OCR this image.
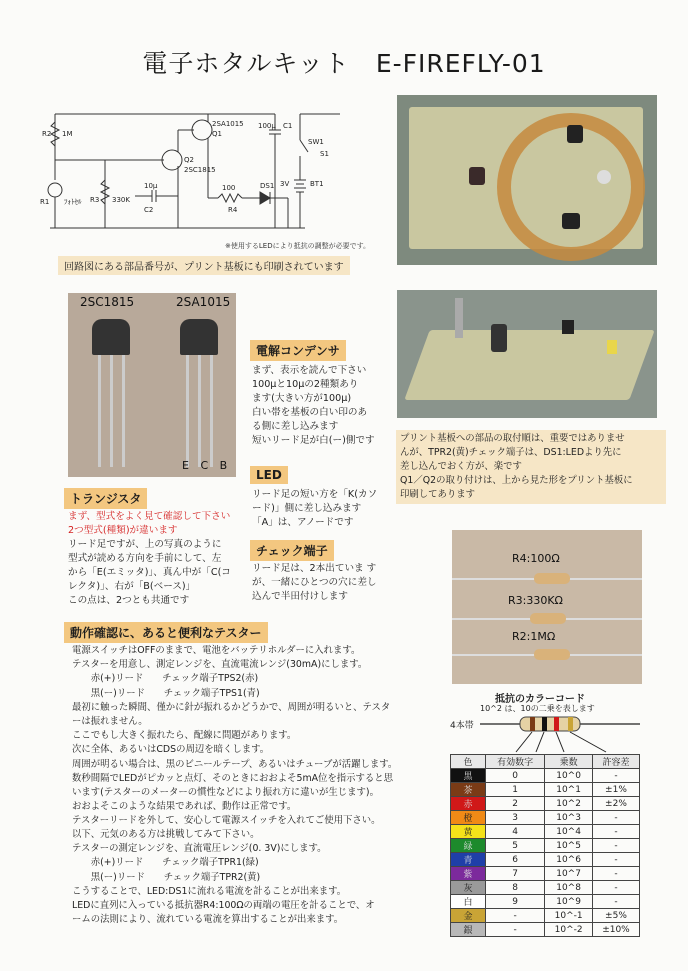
電子ホタルキット　E-FIREFLY-01
R2 1M
R1 ﾌｫﾄｾﾙ R3 330K
2SA1015
Q1
Q2
2SC1815
100μ C1
10μ
C2
100
R4
DS1
SW1
S1
BT1
3V
※使用するLEDにより抵抗の調整が必要です。
回路図にある部品番号が、プリント基板にも印刷されています
2SC1815	2SA1015
E C B
電解コンデンサ
まず、表示を読んで下さい
100μと10μの2種類あり
ます(大きい方が100μ)
白い帯を基板の白い印のあ
る側に差し込みます
短いリード足が白(ー)側です	プリント基板への部品の取付順は、重要ではありませ
んが、TPR2(黄)チェック端子は、DS1:LEDより先に
差し込んでおく方が、楽です
Q1／Q2の取り付けは、上から見た形をプリント基板に
印刷してあります
LED
リード足の短い方を「K(カソ
ード)」側に差し込みます
「A」は、アノードです
チェック端子
リード足は、2本出ていま す
が、一緒にひとつの穴に差し
込んで半田付けします
トランジスタ
まず、型式をよく見て確認して下さい
2つ型式(種類)が違います
リード足ですが、上の写真のように
型式が読める方向を手前にして、左
から「E(エミッタ)」、真ん中が「C(コ
レクタ)」、右が「B(ベース)」
この点は、2つとも共通です
R4:100Ω
R3:330KΩ
R2:1MΩ
動作確認に、あると便利なテスター
電源スイッチはOFFのままで、電池をバッテリホルダーに入れます。
テスターを用意し、測定レンジを、直流電流レンジ(30mA)にします。
　　赤(+)リード　　チェック端子TPS2(赤)
　　黒(ー)リード　　チェック端子TPS1(青)
最初に触った瞬間、僅かに針が振れるかどうかで、周囲が明るいと、テスタ
ーは振れません。
ここでもし大きく振れたら、配線に問題があります。
次に全体、あるいはCDSの周辺を暗くします。
周囲が明るい場合は、黒のビニールテープ、あるいはチューブが活躍します。
数秒間隔でLEDがピカッと点灯、そのときにおおよそ5mA位を指示すると思
います(テスターのメーターの慣性などにより振れ方に違いが生じます)。
おおよそこのような結果であれば、動作は正常です。
テスターリードを外して、安心して電源スイッチを入れてご使用下さい。
以下、元気のある方は挑戦してみて下さい。
テスターの測定レンジを、直流電圧レンジ(0. 3V)にします。
　　赤(+)リード　　チェック端子TPR1(緑)
　　黒(ー)リード　　チェック端子TPR2(黄)
こうすることで、LED:DS1に流れる電流を計ることが出来ます。
LEDに直列に入っている抵抗器R4:100Ωの両端の電圧を計ることで、オ
ームの法則により、流れている電流を算出することが出来ます。
抵抗のカラーコード
10^2 は、10の二乗を表します
4本帯
色	有効数字	乗数	許容差
黒	0	10^0	-
茶	1	10^1	±1%
赤	2	10^2	±2%
橙	3	10^3	-
黄	4	10^4	-
緑	5	10^5	-
青	6	10^6	-
紫	7	10^7	-
灰	8	10^8	-
白	9	10^9	-
金	-	10^-1	±5%
銀	-	10^-2	±10%
